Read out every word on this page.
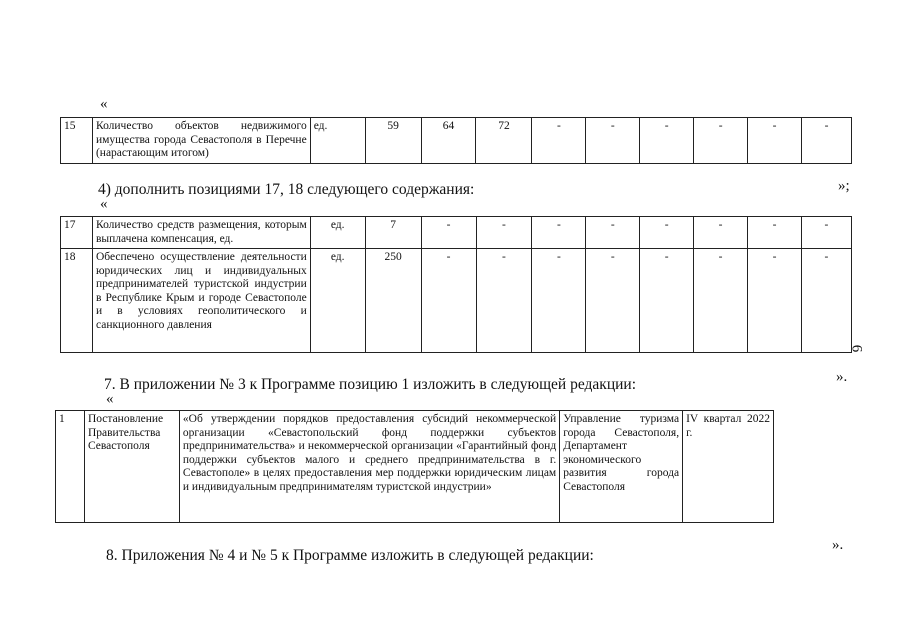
«
15	Количество объектов недвижимого имущества города Севастополя в Перечне (нарастающим итогом)	ед.	59	64	72	-	-	-	-	-	-
4) дополнить позициями 17, 18 следующего содержания:	»;
«
17	Количество средств размещения, которым выплачена компенсация, ед.	ед.	7	-	-	-	-	-	-	-	-
18	Обеспечено осуществление деятельности юридических лиц и индивидуальных предпринимателей туристской индустрии в Республике Крым и городе Севастополе и в условиях геополитического и санкционного давления	ед.	250	-	-	-	-	-	-	-	-
6
7. В приложении № 3 к Программе позицию 1 изложить в следующей редакции:	».
«
1	Постановление Правительства Севастополя	«Об утверждении порядков предоставления субсидий некоммерческой организации «Севастопольский фонд поддержки субъектов предпринимательства» и некоммерческой организации «Гарантийный фонд поддержки субъектов малого и среднего предпринимательства в г. Севастополе» в целях предоставления мер поддержки юридическим лицам и индивидуальным предпринимателям туристской индустрии»	Управление туризма города Севастополя, Департамент экономического развития города Севастополя	IV квартал 2022 г.
8. Приложения № 4 и № 5 к Программе изложить в следующей редакции:
».
